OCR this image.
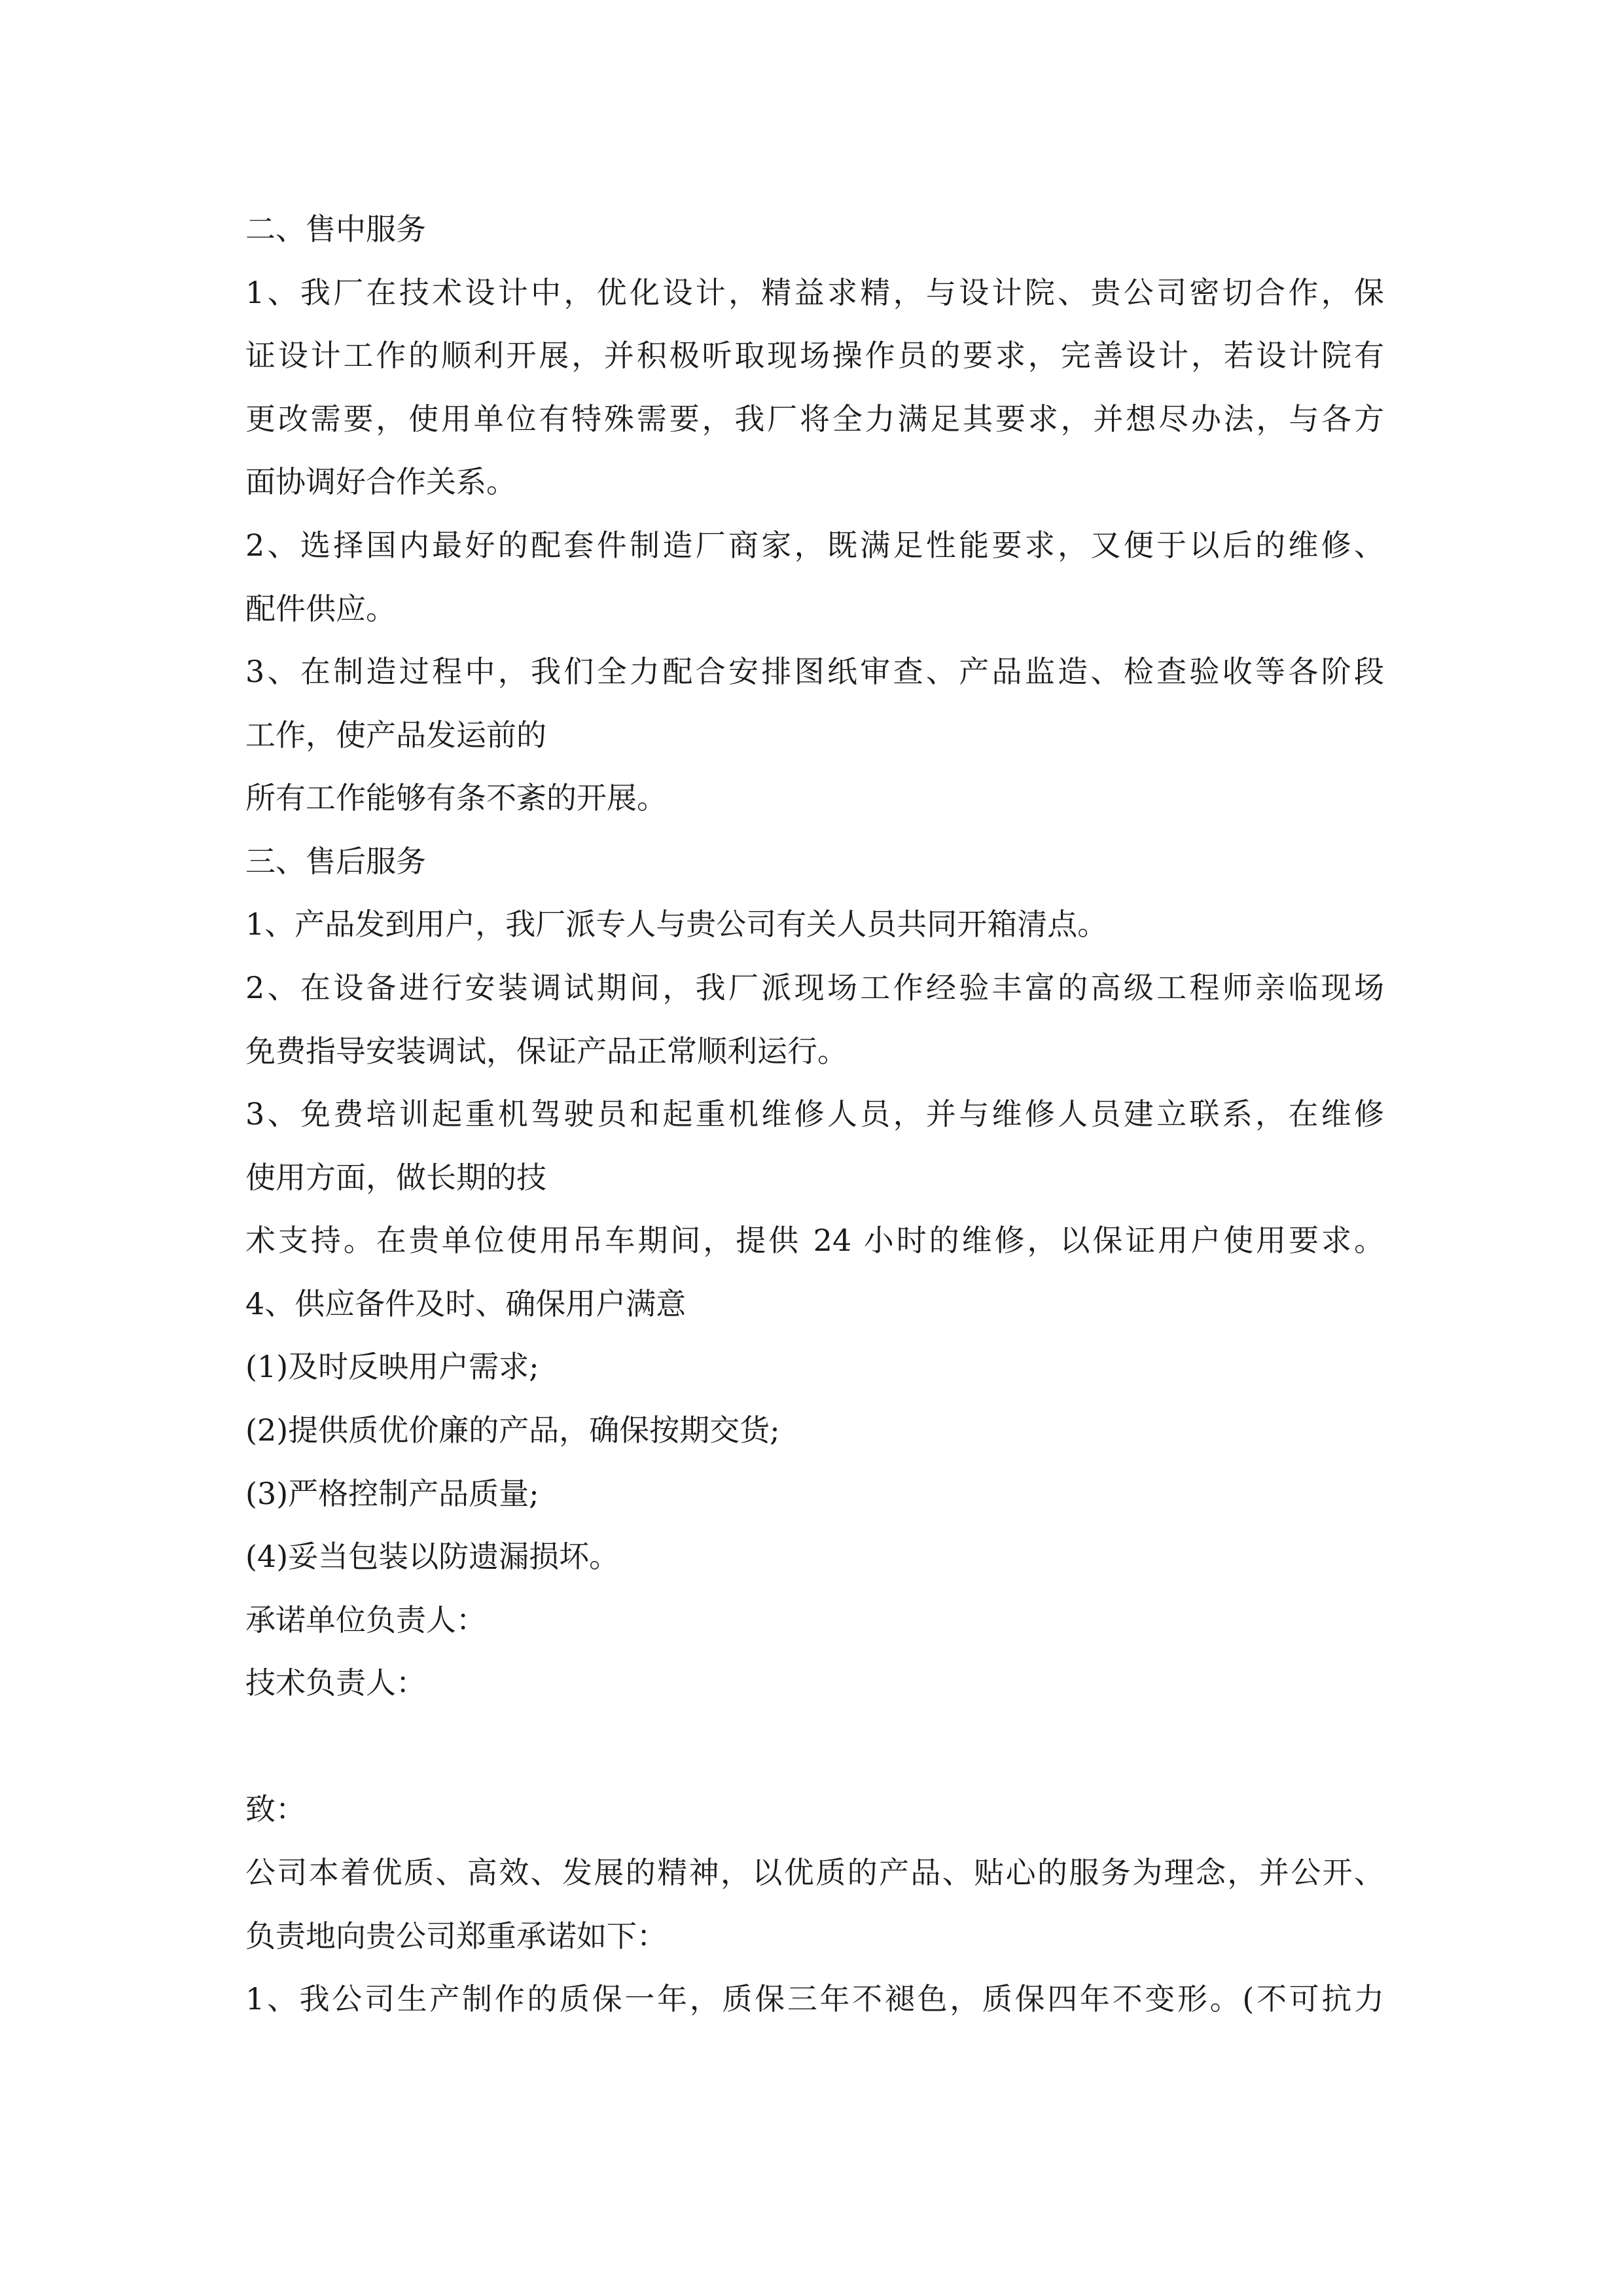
二、售中服务
1、我厂在技术设计中，优化设计，精益求精，与设计院、贵公司密切合作，保
证设计工作的顺利开展，并积极听取现场操作员的要求，完善设计，若设计院有
更改需要，使用单位有特殊需要，我厂将全力满足其要求，并想尽办法，与各方
面协调好合作关系。
2、选择国内最好的配套件制造厂商家，既满足性能要求，又便于以后的维修、
配件供应。
3、在制造过程中，我们全力配合安排图纸审查、产品监造、检查验收等各阶段
工作，使产品发运前的
所有工作能够有条不紊的开展。
三、售后服务
1、产品发到用户，我厂派专人与贵公司有关人员共同开箱清点。
2、在设备进行安装调试期间，我厂派现场工作经验丰富的高级工程师亲临现场
免费指导安装调试，保证产品正常顺利运行。
3、免费培训起重机驾驶员和起重机维修人员，并与维修人员建立联系，在维修
使用方面，做长期的技
术支持。在贵单位使用吊车期间，提供 24 小时的维修，以保证用户使用要求。
4、供应备件及时、确保用户满意
(1)及时反映用户需求;
(2)提供质优价廉的产品，确保按期交货;
(3)严格控制产品质量;
(4)妥当包装以防遗漏损坏。
承诺单位负责人：
技术负责人：
致：
公司本着优质、高效、发展的精神，以优质的产品、贴心的服务为理念，并公开、
负责地向贵公司郑重承诺如下：
1、我公司生产制作的质保一年，质保三年不褪色，质保四年不变形。(不可抗力
